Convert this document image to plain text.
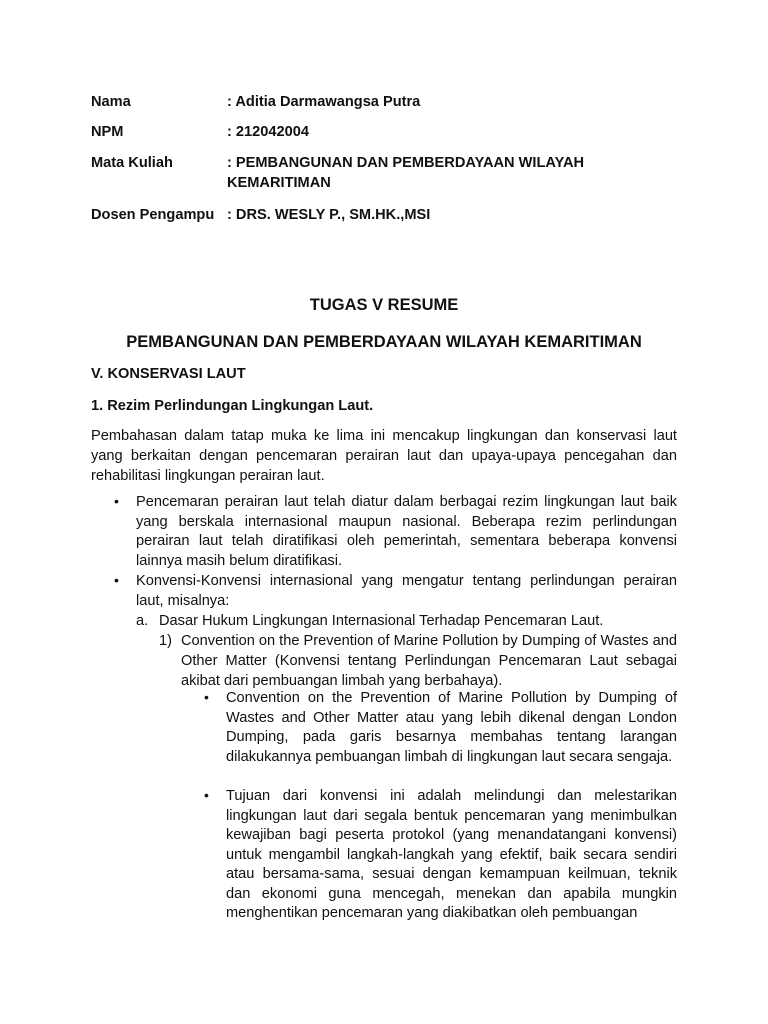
Nama	: Aditia Darmawangsa Putra
NPM	: 212042004
Mata Kuliah	: PEMBANGUNAN DAN PEMBERDAYAAN WILAYAH KEMARITIMAN
Dosen Pengampu : DRS. WESLY P., SM.HK.,MSI
TUGAS V RESUME
PEMBANGUNAN DAN PEMBERDAYAAN WILAYAH KEMARITIMAN
V. KONSERVASI LAUT
1. Rezim Perlindungan Lingkungan Laut.
Pembahasan dalam tatap muka ke lima ini mencakup lingkungan dan konservasi laut yang berkaitan dengan pencemaran perairan laut dan upaya-upaya pencegahan dan rehabilitasi lingkungan perairan laut.
• Pencemaran perairan laut telah diatur dalam berbagai rezim lingkungan laut baik yang berskala internasional maupun nasional. Beberapa rezim perlindungan perairan laut telah diratifikasi oleh pemerintah, sementara beberapa konvensi lainnya masih belum diratifikasi.
• Konvensi-Konvensi internasional yang mengatur tentang perlindungan perairan laut, misalnya:
a. Dasar Hukum Lingkungan Internasional Terhadap Pencemaran Laut.
1) Convention on the Prevention of Marine Pollution by Dumping of Wastes and Other Matter (Konvensi tentang Perlindungan Pencemaran Laut sebagai akibat dari pembuangan limbah yang berbahaya).
• Convention on the Prevention of Marine Pollution by Dumping of Wastes and Other Matter atau yang lebih dikenal dengan London Dumping, pada garis besarnya membahas tentang larangan dilakukannya pembuangan limbah di lingkungan laut secara sengaja.
• Tujuan dari konvensi ini adalah melindungi dan melestarikan lingkungan laut dari segala bentuk pencemaran yang menimbulkan kewajiban bagi peserta protokol (yang menandatangani konvensi) untuk mengambil langkah-langkah yang efektif, baik secara sendiri atau bersama-sama, sesuai dengan kemampuan keilmuan, teknik dan ekonomi guna mencegah, menekan dan apabila mungkin menghentikan pencemaran yang diakibatkan oleh pembuangan
